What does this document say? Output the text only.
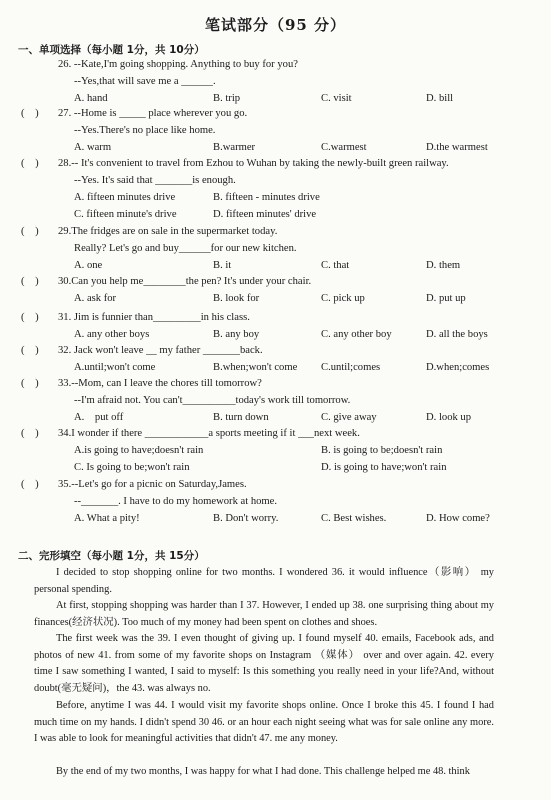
笔试部分（95 分）
一、单项选择（每小题 1分，共 10分）
26. --Kate,I'm going shopping. Anything to buy for you?
--Yes,that will save me a ______.
A. hand	B. trip	C. visit	D. bill
(　) 27. --Home is _____ place wherever you go.
--Yes.There's no place like home.
A. warm	B.warmer	C.warmest	D.the warmest
(　) 28.-- It's convenient to travel from Ezhou to Wuhan by taking the newly-built green railway.
--Yes. It's said that _______is enough.
A. fifteen minutes drive	B. fifteen - minutes drive
C. fifteen minute's drive	D. fifteen minutes' drive
(　) 29.The fridges are on sale in the supermarket today.
Really? Let's go and buy______for our new kitchen.
A. one	B. it	C. that	D. them
(　) 30.Can you help me________the pen? It's under your chair.
A. ask for	B. look for	C. pick up	D. put up
(　) 31. Jim is funnier than_________in his class.
A. any other boys	B. any boy	C. any other boy	D. all the boys
(　) 32. Jack won't leave __ my father _______back.
A.until;won't come	B.when;won't come C.until;comes	D.when;comes
(　) 33.--Mom, can I leave the chores till tomorrow?
--I'm afraid not. You can't__________today's work till tomorrow.
A.　put off	B. turn down	C. give away	D. look up
(　) 34.I wonder if there ____________a sports meeting if it ___next week.
A.is going to have;doesn't rain	B. is going to be;doesn't rain
C. Is going to be;won't rain	D. is going to have;won't rain
(　) 35.--Let's go for a picnic on Saturday,James.
--_______. I have to do my homework at home.
A. What a pity!	B. Don't worry.	C. Best wishes.	D. How come?
二、完形填空（每小题 1分，共 15分）
I decided to stop shopping online for two months. I wondered 36. it would influence（影响） my personal spending.
At first, stopping shopping was harder than I 37. However, I ended up 38. one surprising thing about my finances(经济状况). Too much of my money had been spent on clothes and shoes.
The first week was the 39. I even thought of giving up. I found myself 40. emails, Facebook ads, and photos of new 41. from some of my favorite shops on Instagram （媒体） over and over again. 42. every time I saw something I wanted, I said to myself: Is this something you really need in your life?And, without doubt(毫无疑问)，the 43. was always no.
Before, anytime I was 44. I would visit my favorite shops online. Once I broke this 45. I found I had much time on my hands. I didn't spend 30 46. or an hour each night seeing what was for sale online any more. I was able to look for meaningful activities that didn't 47. me any money.
By the end of my two months, I was happy for what I had done. This challenge helped me 48. think
